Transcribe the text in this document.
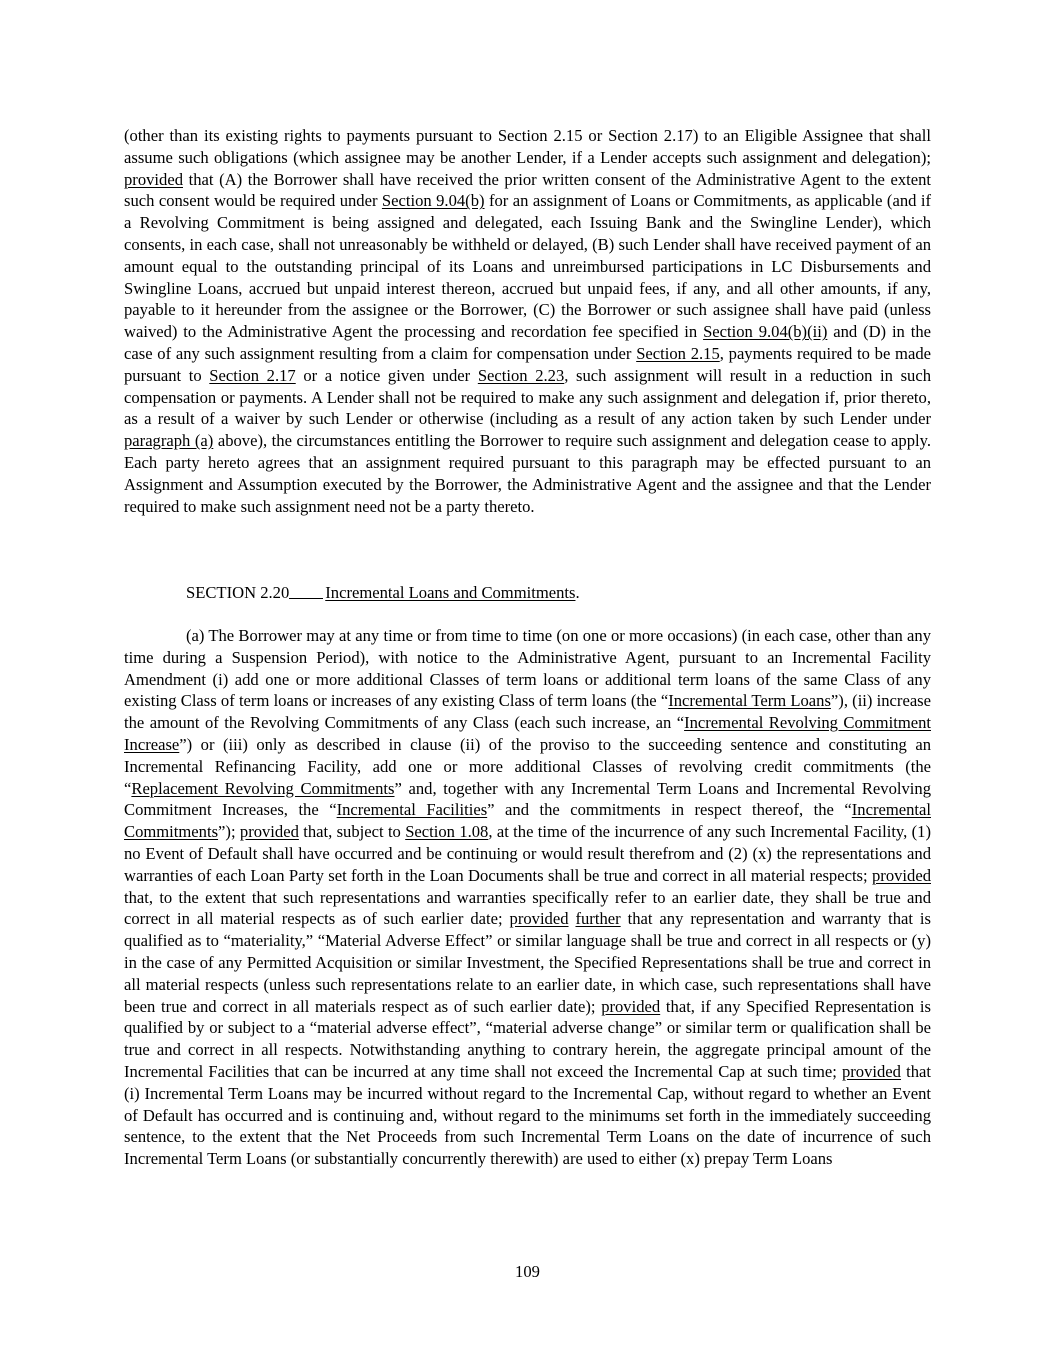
(other than its existing rights to payments pursuant to Section 2.15 or Section 2.17) to an Eligible Assignee that shall assume such obligations (which assignee may be another Lender, if a Lender accepts such assignment and delegation); provided that (A) the Borrower shall have received the prior written consent of the Administrative Agent to the extent such consent would be required under Section 9.04(b) for an assignment of Loans or Commitments, as applicable (and if a Revolving Commitment is being assigned and delegated, each Issuing Bank and the Swingline Lender), which consents, in each case, shall not unreasonably be withheld or delayed, (B) such Lender shall have received payment of an amount equal to the outstanding principal of its Loans and unreimbursed participations in LC Disbursements and Swingline Loans, accrued but unpaid interest thereon, accrued but unpaid fees, if any, and all other amounts, if any, payable to it hereunder from the assignee or the Borrower, (C) the Borrower or such assignee shall have paid (unless waived) to the Administrative Agent the processing and recordation fee specified in Section 9.04(b)(ii) and (D) in the case of any such assignment resulting from a claim for compensation under Section 2.15, payments required to be made pursuant to Section 2.17 or a notice given under Section 2.23, such assignment will result in a reduction in such compensation or payments. A Lender shall not be required to make any such assignment and delegation if, prior thereto, as a result of a waiver by such Lender or otherwise (including as a result of any action taken by such Lender under paragraph (a) above), the circumstances entitling the Borrower to require such assignment and delegation cease to apply. Each party hereto agrees that an assignment required pursuant to this paragraph may be effected pursuant to an Assignment and Assumption executed by the Borrower, the Administrative Agent and the assignee and that the Lender required to make such assignment need not be a party thereto.

SECTION 2.20 Incremental Loans and Commitments.

(a) The Borrower may at any time or from time to time (on one or more occasions) (in each case, other than any time during a Suspension Period), with notice to the Administrative Agent, pursuant to an Incremental Facility Amendment (i) add one or more additional Classes of term loans or additional term loans of the same Class of any existing Class of term loans or increases of any existing Class of term loans (the “Incremental Term Loans”), (ii) increase the amount of the Revolving Commitments of any Class (each such increase, an “Incremental Revolving Commitment Increase”) or (iii) only as described in clause (ii) of the proviso to the succeeding sentence and constituting an Incremental Refinancing Facility, add one or more additional Classes of revolving credit commitments (the “Replacement Revolving Commitments” and, together with any Incremental Term Loans and Incremental Revolving Commitment Increases, the “Incremental Facilities” and the commitments in respect thereof, the “Incremental Commitments”); provided that, subject to Section 1.08, at the time of the incurrence of any such Incremental Facility, (1) no Event of Default shall have occurred and be continuing or would result therefrom and (2) (x) the representations and warranties of each Loan Party set forth in the Loan Documents shall be true and correct in all material respects; provided that, to the extent that such representations and warranties specifically refer to an earlier date, they shall be true and correct in all material respects as of such earlier date; provided further that any representation and warranty that is qualified as to “materiality,” “Material Adverse Effect” or similar language shall be true and correct in all respects or (y) in the case of any Permitted Acquisition or similar Investment, the Specified Representations shall be true and correct in all material respects (unless such representations relate to an earlier date, in which case, such representations shall have been true and correct in all materials respect as of such earlier date); provided that, if any Specified Representation is qualified by or subject to a “material adverse effect”, “material adverse change” or similar term or qualification shall be true and correct in all respects. Notwithstanding anything to contrary herein, the aggregate principal amount of the Incremental Facilities that can be incurred at any time shall not exceed the Incremental Cap at such time; provided that (i) Incremental Term Loans may be incurred without regard to the Incremental Cap, without regard to whether an Event of Default has occurred and is continuing and, without regard to the minimums set forth in the immediately succeeding sentence, to the extent that the Net Proceeds from such Incremental Term Loans on the date of incurrence of such Incremental Term Loans (or substantially concurrently therewith) are used to either (x) prepay Term Loans

109
